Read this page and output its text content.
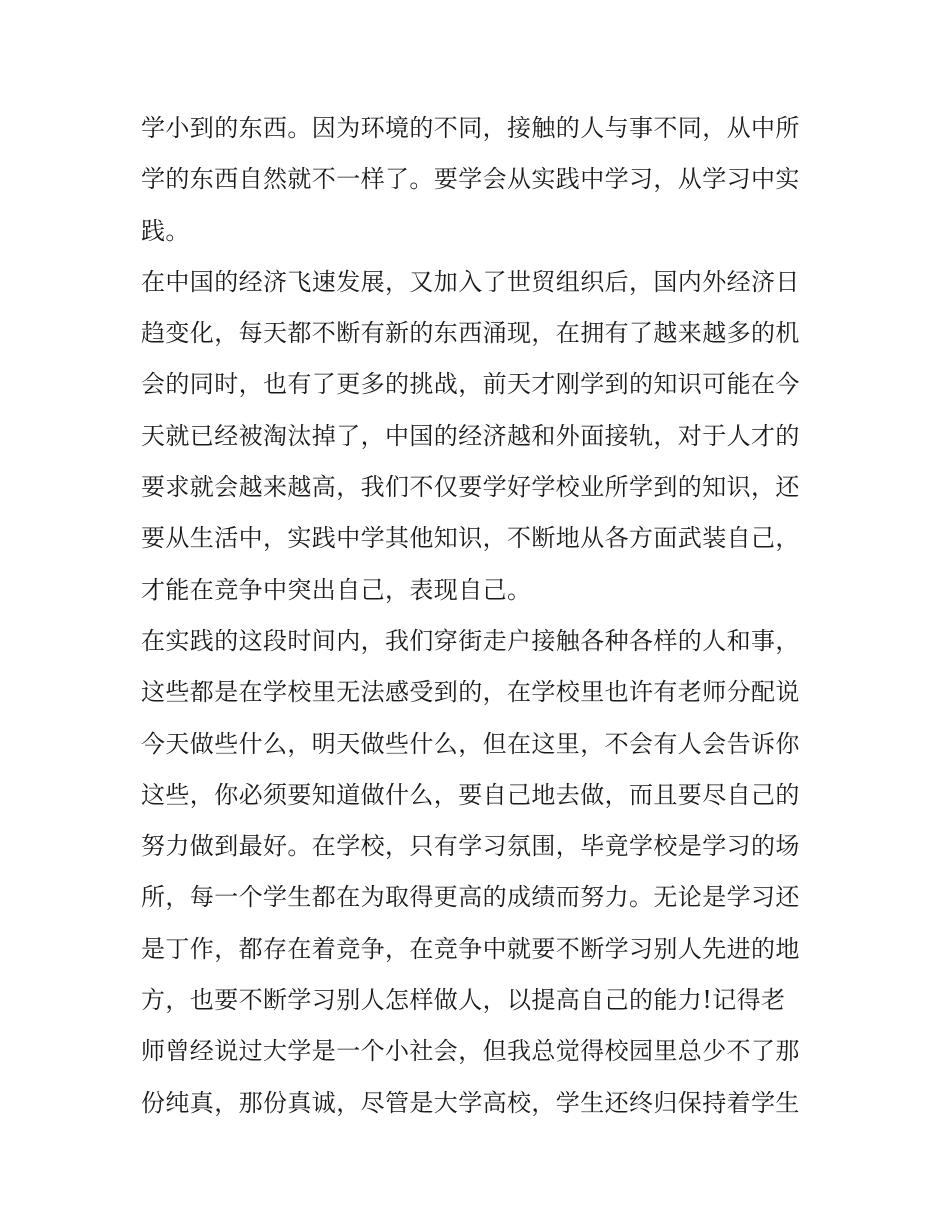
学小到的东西。因为环境的不同，接触的人与事不同，从中所
学的东西自然就不一样了。要学会从实践中学习，从学习中实
践。
在中国的经济飞速发展，又加入了世贸组织后，国内外经济日
趋变化，每天都不断有新的东西涌现，在拥有了越来越多的机
会的同时，也有了更多的挑战，前天才刚学到的知识可能在今
天就已经被淘汰掉了，中国的经济越和外面接轨，对于人才的
要求就会越来越高，我们不仅要学好学校业所学到的知识，还
要从生活中，实践中学其他知识，不断地从各方面武装自己，
才能在竞争中突出自己，表现自己。
在实践的这段时间内，我们穿街走户接触各种各样的人和事，
这些都是在学校里无法感受到的，在学校里也许有老师分配说
今天做些什么，明天做些什么，但在这里，不会有人会告诉你
这些，你必须要知道做什么，要自己地去做，而且要尽自己的
努力做到最好。在学校，只有学习氛围，毕竟学校是学习的场
所，每一个学生都在为取得更高的成绩而努力。无论是学习还
是丁作，都存在着竞争，在竞争中就要不断学习别人先进的地
方，也要不断学习别人怎样做人，以提高自己的能力!记得老
师曾经说过大学是一个小社会，但我总觉得校园里总少不了那
份纯真，那份真诚，尽管是大学高校，学生还终归保持着学生
